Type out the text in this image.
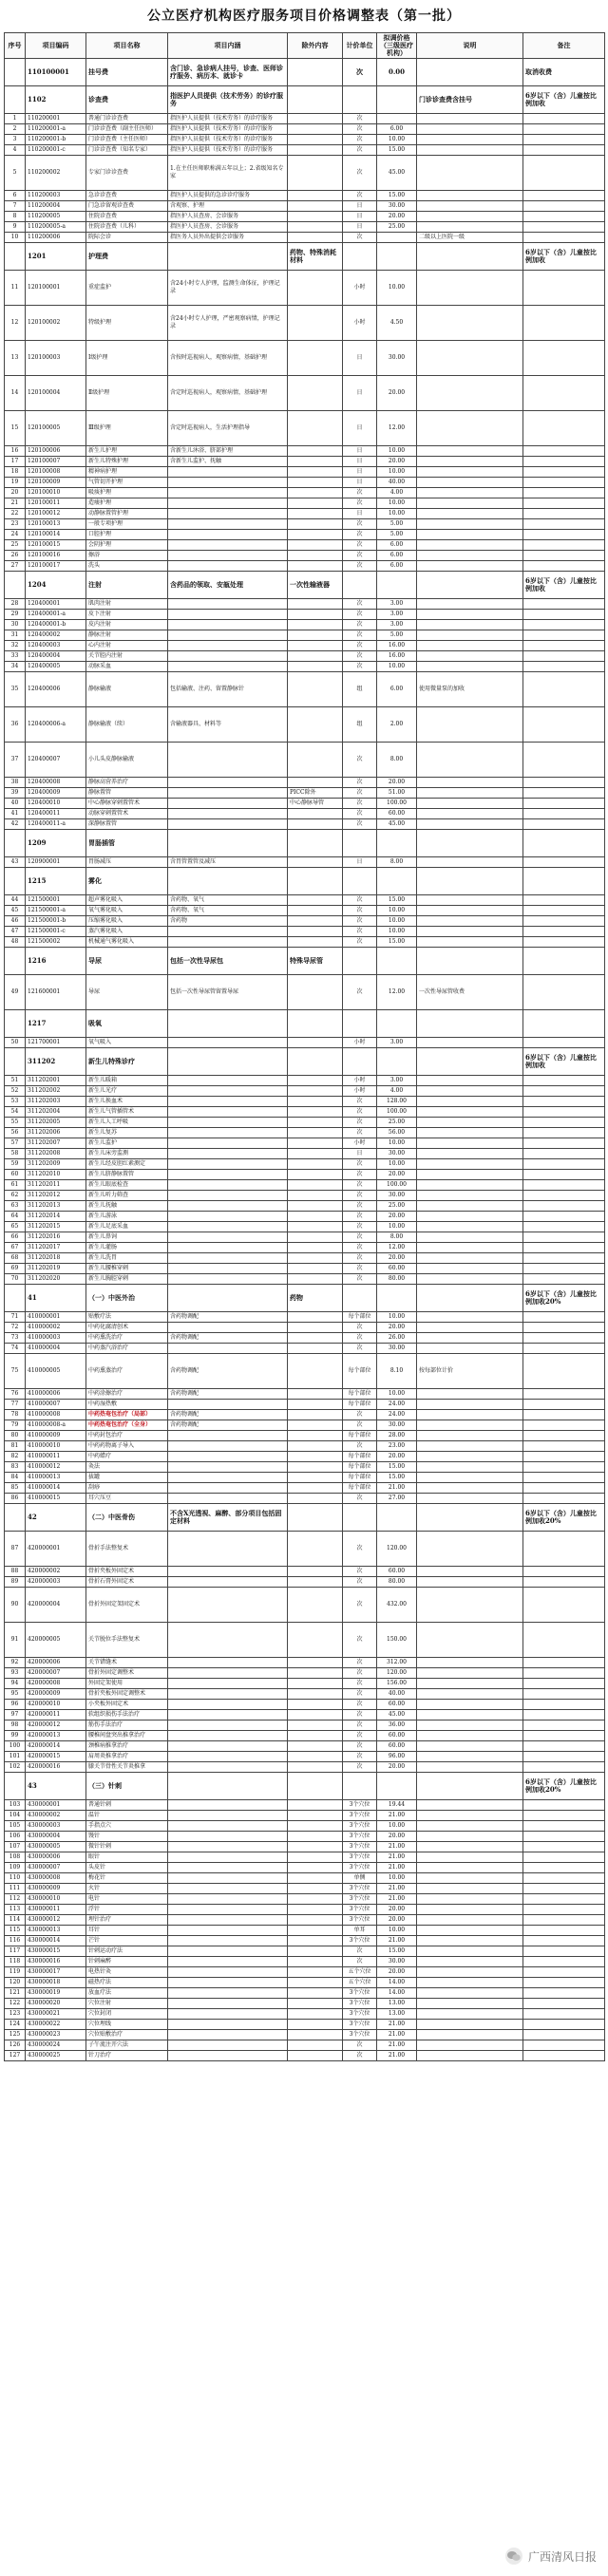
公立医疗机构医疗服务项目价格调整表（第一批）
序号	项目编码	项目名称	项目内涵	除外内容	计价单位	拟调价格（三级医疗机构）	说明	备注
	110100001	挂号费	含门诊、急诊病人挂号，诊查、医师诊疗服务、病历本、就诊卡		次	0.00		取消收费
	1102	诊查费	指医护人员提供（技术劳务）的诊疗服务				门诊诊查费含挂号	6岁以下（含）儿童按比例加收
1	110200001	普通门诊诊查费	指医护人员提供（技术劳务）的诊疗服务		次			
2	110200001-a	门诊诊查费（副主任医师）	指医护人员提供（技术劳务）的诊疗服务		次	6.00		
3	110200001-b	门诊诊查费（主任医师）	指医护人员提供（技术劳务）的诊疗服务		次	10.00		
4	110200001-c	门诊诊查费（知名专家）	指医护人员提供（技术劳务）的诊疗服务		次	15.00		
5	110200002	专家门诊诊查费	1.在主任医师职称满五年以上；2.省级知名专家		次	45.00		
6	110200003	急诊诊查费	指医护人员提供的急诊诊疗服务		次	15.00		
7	110200004	门急诊留观诊查费	含观察、护理		日	30.00		
8	110200005	住院诊查费	指医护人员查房、会诊服务		日	20.00		
9	110200005-a	住院诊查费（儿科）	指医护人员查房、会诊服务		日	25.00		
10	110200006	院际会诊	指医务人员外出提供会诊服务		次		二级以上医院一级	
	1201	护理费		药物、特殊消耗材料				6岁以下（含）儿童按比例加收
11	120100001	重症监护	含24小时专人护理，监测生命体征，护理记录		小时	10.00		
12	120100002	特级护理	含24小时专人护理，严密观察病情，护理记录		小时	4.50		
13	120100003	Ⅰ级护理	含按时巡视病人，观察病情，基础护理		日	30.00		
14	120100004	Ⅱ级护理	含定时巡视病人，观察病情，基础护理		日	20.00		
15	120100005	Ⅲ级护理	含定时巡视病人，生活护理指导		日	12.00		
16	120100006	新生儿护理	含新生儿沐浴、脐部护理		日	10.00		
17	120100007	新生儿特殊护理	含新生儿监护、抚触		日	20.00		
18	120100008	精神病护理			日	10.00		
19	120100009	气管切开护理			日	40.00		
20	120100010	吸痰护理			次	4.00		
21	120100011	造瘘护理			次	10.00		
22	120100012	动静脉置管护理			日	10.00		
23	120100013	一般专项护理			次	5.00		
24	120100014	口腔护理			次	5.00		
25	120100015	会阴护理			次	6.00		
26	120100016	擦浴			次	6.00		
27	120100017	洗头			次	6.00		
	1204	注射	含药品的领取、安瓿处理	一次性输液器				6岁以下（含）儿童按比例加收
28	120400001	肌肉注射			次	3.00		
29	120400001-a	皮下注射			次	3.00		
30	120400001-b	皮内注射			次	3.00		
31	120400002	静脉注射			次	5.00		
32	120400003	心内注射			次	16.00		
33	120400004	关节腔内注射			次	16.00		
34	120400005	动脉采血			次	10.00		
35	120400006	静脉输液	包括输液、注药、留置静脉针		组	6.00	使用微量泵的加收	
36	120400006-a	静脉输液（续）	含输液器具、材料等		组	2.00		
37	120400007	小儿头皮静脉输液			次	8.00		
38	120400008	静脉高营养治疗			次	20.00		
39	120400009	静脉置管		PICC除外	次	51.00		
40	120400010	中心静脉穿刺置管术		中心静脉导管	次	100.00		
41	120400011	动脉穿刺置管术			次	60.00		
42	120400011-a	深静脉置管			次	45.00		
	1209	胃肠插管						
43	120900001	胃肠减压	含胃管置管及减压		日	8.00		
	1215	雾化						
44	121500001	超声雾化吸入	含药物、氧气		次	15.00		
45	121500001-a	氧气雾化吸入	含药物、氧气		次	10.00		
46	121500001-b	压缩雾化吸入	含药物		次	10.00		
47	121500001-c	蒸汽雾化吸入			次	10.00		
48	121500002	机械通气雾化吸入			次	15.00		
	1216	导尿	包括一次性导尿包	特殊导尿管				
49	121600001	导尿	包括一次性导尿管留置导尿		次	12.00	一次性导尿管收费	
	1217	吸氧						
50	121700001	氧气吸入			小时	3.00		
	311202	新生儿特殊诊疗						6岁以下（含）儿童按比例加收
51	311202001	新生儿暖箱			小时	3.00		
52	311202002	新生儿光疗			小时	4.00		
53	311202003	新生儿换血术			次	128.00		
54	311202004	新生儿气管插管术			次	100.00		
55	311202005	新生儿人工呼吸			次	25.00		
56	311202006	新生儿复苏			次	56.00		
57	311202007	新生儿监护			小时	10.00		
58	311202008	新生儿床旁监测			日	30.00		
59	311202009	新生儿经皮胆红素测定			次	10.00		
60	311202010	新生儿脐静脉置管			次	20.00		
61	311202011	新生儿眼底检查			次	100.00		
62	311202012	新生儿听力筛查			次	30.00		
63	311202013	新生儿抚触			次	25.00		
64	311202014	新生儿游泳			次	20.00		
65	311202015	新生儿足底采血			次	10.00		
66	311202016	新生儿鼻饲			次	8.00		
67	311202017	新生儿灌肠			次	12.00		
68	311202018	新生儿洗胃			次	20.00		
69	311202019	新生儿腰椎穿刺			次	60.00		
70	311202020	新生儿胸腔穿刺			次	80.00		
	41	（一）中医外治		药物				6岁以下（含）儿童按比例加收20%
71	410000001	贴敷疗法	含药物调配		每个部位	10.00		
72	410000002	中药化腐清创术			次	20.00		
73	410000003	中药熏洗治疗	含药物调配		次	26.00		
74	410000004	中药蒸汽浴治疗			次	30.00		
75	410000005	中药熏蒸治疗	含药物调配		每个部位	8.10	按每部位计价	
76	410000006	中药涂擦治疗	含药物调配		每个部位	10.00		
77	410000007	中药湿热敷			每个部位	24.00		
78	410000008	中药热奄包治疗（局部）	含药物调配		次	24.00		
79	410000008-a	中药热奄包治疗（全身）	含药物调配		次	30.00		
80	410000009	中药封包治疗			每个部位	28.00		
81	410000010	中药药物离子导入			次	23.00		
82	410000011	中药蜡疗			每个部位	20.00		
83	410000012	灸法			每个部位	15.00		
84	410000013	拔罐			每个部位	15.00		
85	410000014	刮痧			每个部位	21.00		
86	410000015	耳穴压豆			次	27.00		
	42	（二）中医骨伤	不含X光透视、麻醉、部分项目包括固定材料					6岁以下（含）儿童按比例加收20%
87	420000001	骨折手法整复术			次	120.00		
88	420000002	骨折夹板外固定术			次	60.00		
89	420000003	骨折石膏外固定术			次	80.00		
90	420000004	骨折外固定架固定术			次	432.00		
91	420000005	关节脱位手法整复术			次	150.00		
92	420000006	关节错缝术			次	312.00		
93	420000007	骨折外固定调整术			次	120.00		
94	420000008	外固定架使用			次	156.00		
95	420000009	骨折夹板外固定调整术			次	40.00		
96	420000010	小夹板外固定术			次	60.00		
97	420000011	软组织损伤手法治疗			次	45.00		
98	420000012	筋伤手法治疗			次	36.00		
99	420000013	腰椎间盘突出推拿治疗			次	60.00		
100	420000014	颈椎病推拿治疗			次	60.00		
101	420000015	肩周炎推拿治疗			次	96.00		
102	420000016	膝关节骨性关节炎推拿			次	20.00		
	43	（三）针刺						6岁以下（含）儿童按比例加收20%
103	430000001	普通针刺			3个穴位	19.44		
104	430000002	温针			3个穴位	21.00		
105	430000003	手指点穴			3个穴位	10.00		
106	430000004	馒针			3个穴位	20.00		
107	430000005	微针针刺			3个穴位	21.00		
108	430000006	眼针			3个穴位	21.00		
109	430000007	头皮针			3个穴位	21.00		
110	430000008	梅花针			单侧	10.00		
111	430000009	火针			3个穴位	21.00		
112	430000010	电针			3个穴位	21.00		
113	430000011	浮针			3个穴位	20.00		
114	430000012	埋针治疗			3个穴位	20.00		
115	430000013	耳针			单耳	10.00		
116	430000014	芒针			3个穴位	21.00		
117	430000015	针刺运动疗法			次	15.00		
118	430000016	针刺麻醉			次	30.00		
119	430000017	电热针灸			五个穴位	20.00		
120	430000018	磁热疗法			五个穴位	14.00		
121	430000019	放血疗法			3个穴位	14.00		
122	430000020	穴位注射			3个穴位	13.00		
123	430000021	穴位封闭			3个穴位	13.00		
124	430000022	穴位埋线			3个穴位	21.00		
125	430000023	穴位贴敷治疗			3个穴位	21.00		
126	430000024	子午流注开穴法			次	21.00		
127	430000025	针刀治疗			次	21.00		
广西清风日报
